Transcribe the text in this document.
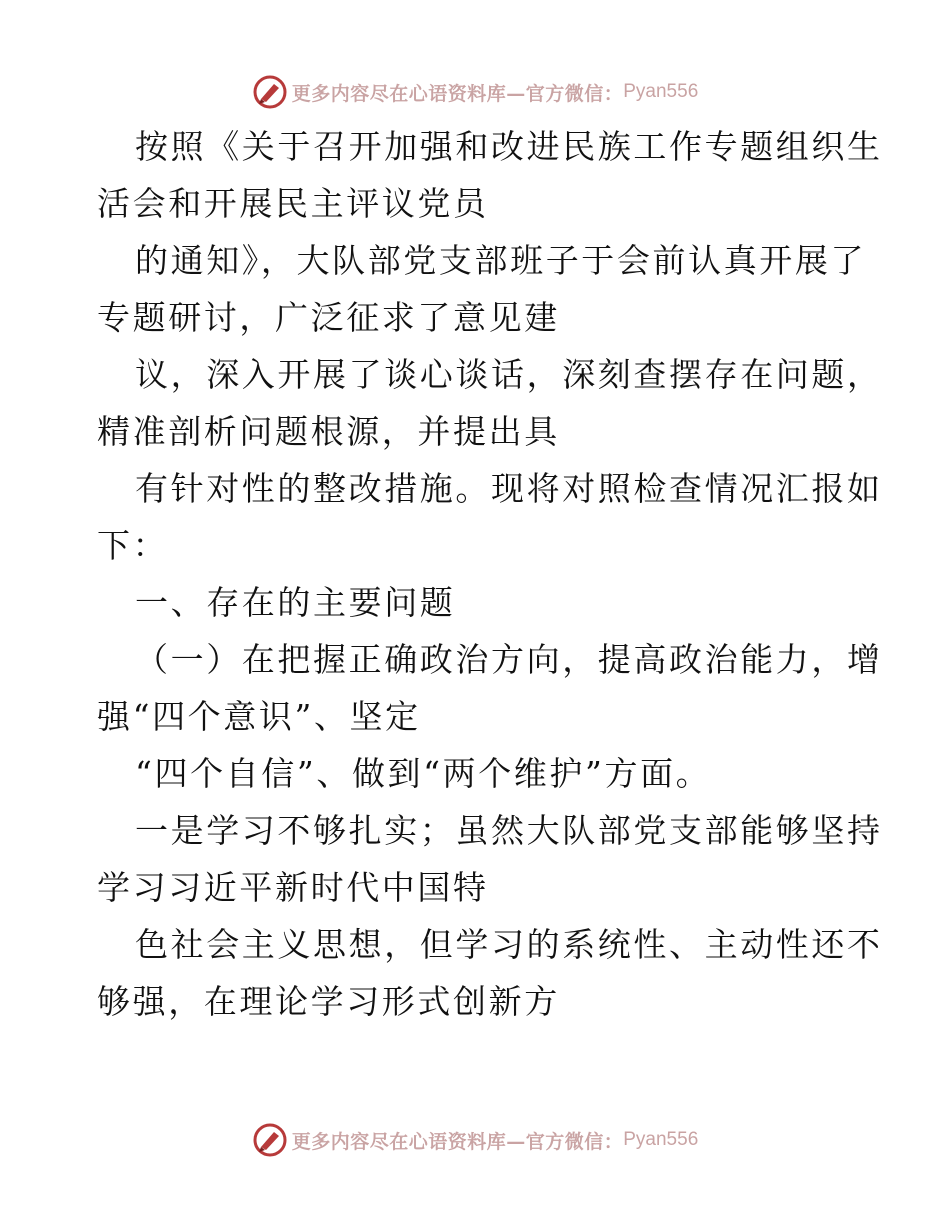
更多内容尽在心语资料库—官方微信： Pyan556
按照《关于召开加强和改进民族工作专题组织生
活会和开展民主评议党员
的通知》，大队部党支部班子于会前认真开展了
专题研讨，广泛征求了意见建
议，深入开展了谈心谈话，深刻查摆存在问题，
精准剖析问题根源，并提出具
有针对性的整改措施。现将对照检查情况汇报如
下：
一、存在的主要问题
（一）在把握正确政治方向，提高政治能力，增
强“四个意识”、坚定
“四个自信”、做到“两个维护”方面。
一是学习不够扎实；虽然大队部党支部能够坚持
学习习近平新时代中国特
色社会主义思想，但学习的系统性、主动性还不
够强，在理论学习形式创新方
更多内容尽在心语资料库—官方微信： Pyan556
